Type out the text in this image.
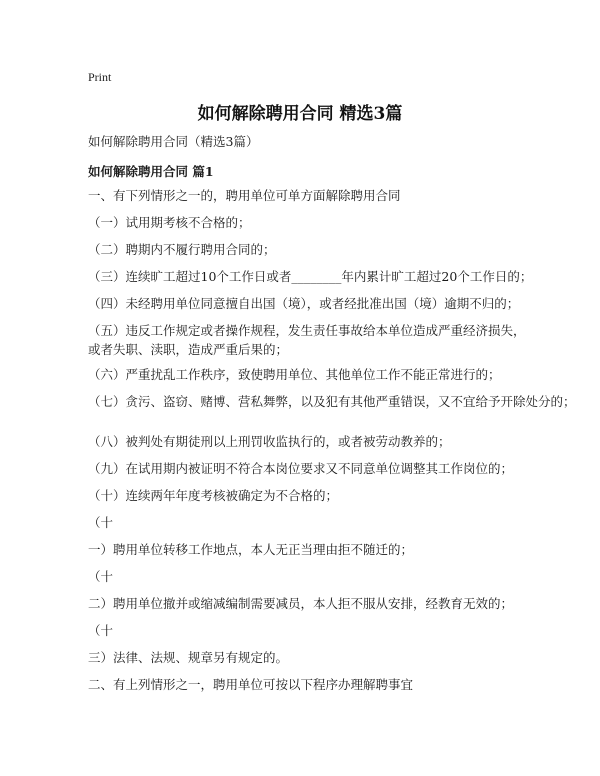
Print
如何解除聘用合同 精选3篇
如何解除聘用合同（精选3篇）
如何解除聘用合同 篇1
一、有下列情形之一的，聘用单位可单方面解除聘用合同
（一）试用期考核不合格的；
（二）聘期内不履行聘用合同的；
（三）连续旷工超过10个工作日或者________年内累计旷工超过20个工作日的；
（四）未经聘用单位同意擅自出国（境），或者经批准出国（境）逾期不归的；
（五）违反工作规定或者操作规程，发生责任事故给本单位造成严重经济损失，或者失职、渎职，造成严重后果的；
（六）严重扰乱工作秩序，致使聘用单位、其他单位工作不能正常进行的；
（七）贪污、盗窃、赌博、营私舞弊，以及犯有其他严重错误，又不宜给予开除处分的；
（八）被判处有期徒刑以上刑罚收监执行的，或者被劳动教养的；
（九）在试用期内被证明不符合本岗位要求又不同意单位调整其工作岗位的；
（十）连续两年年度考核被确定为不合格的；
（十
一）聘用单位转移工作地点，本人无正当理由拒不随迁的；
（十
二）聘用单位撤并或缩减编制需要减员，本人拒不服从安排，经教育无效的；
（十
三）法律、法规、规章另有规定的。
二、有上列情形之一，聘用单位可按以下程序办理解聘事宜
